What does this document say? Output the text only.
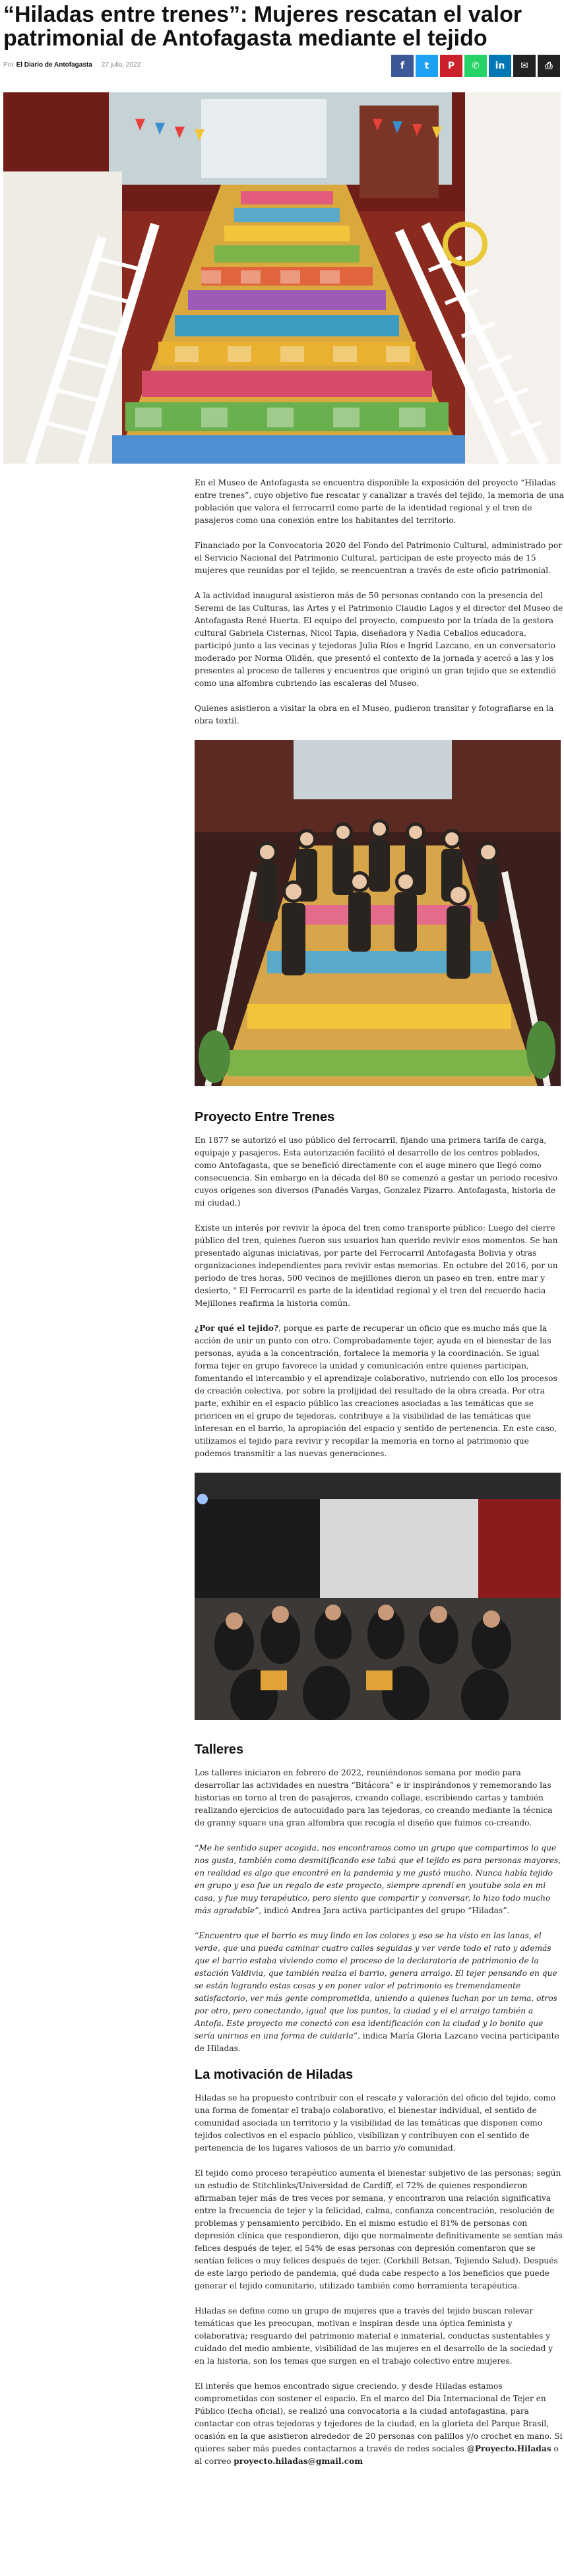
“Hiladas entre trenes”: Mujeres rescatan el valor patrimonial de Antofagasta mediante el tejido
Por El Diario de Antofagasta 27 julio, 2022	f	t	P	✆	in	✉	⎙

En el Museo de Antofagasta se encuentra disponible la exposición del proyecto “Hiladas entre trenes”, cuyo objetivo fue rescatar y canalizar a través del tejido, la memoria de una población que valora el ferrocarril como parte de la identidad regional y el tren de pasajeros como una conexión entre los habitantes del territorio.

Financiado por la Convocatoria 2020 del Fondo del Patrimonio Cultural, administrado por el Servicio Nacional del Patrimonio Cultural, participan de este proyecto más de 15 mujeres que reunidas por el tejido, se reencuentran a través de este oficio patrimonial.

A la actividad inaugural asistieron más de 50 personas contando con la presencia del Seremi de las Culturas, las Artes y el Patrimonio Claudio Lagos y el director del Museo de Antofagasta René Huerta. El equipo del proyecto, compuesto por la tríada de la gestora cultural Gabriela Cisternas, Nicol Tapia, diseñadora y Nadia Ceballos educadora, participó junto a las vecinas y tejedoras Julia Ríos e Ingrid Lazcano, en un conversatorio moderado por Norma Olidén, que presentó el contexto de la jornada y acercó a las y los presentes al proceso de talleres y encuentros que originó un gran tejido que se extendió como una alfombra cubriendo las escaleras del Museo.

Quienes asistieron a visitar la obra en el Museo, pudieron transitar y fotografiarse en la obra textil.

Proyecto Entre Trenes

En 1877 se autorizó el uso público del ferrocarril, fijando una primera tarifa de carga, equipaje y pasajeros. Esta autorización facilitó el desarrollo de los centros poblados, como Antofagasta, que se benefició directamente con el auge minero que llegó como consecuencia. Sin embargo en la década del 80 se comenzó a gestar un periodo recesivo cuyos orígenes son diversos (Panadés Vargas, Gonzalez Pizarro. Antofagasta, historia de mi ciudad.)

Existe un interés por revivir la época del tren como transporte público: Luego del cierre público del tren, quienes fueron sus usuarios han querido revivir esos momentos. Se han presentado algunas iniciativas, por parte del Ferrocarril Antofagasta Bolivia y otras organizaciones independientes para revivir estas memorias. En octubre del 2016, por un periodo de tres horas, 500 vecinos de mejillones dieron un paseo en tren, entre mar y desierto, " El Ferrocarril es parte de la identidad regional y el tren del recuerdo hacia Mejillones reafirma la historia común.

¿Por qué el tejido?, porque es parte de recuperar un oficio que es mucho más que la acción de unir un punto con otro. Comprobadamente tejer, ayuda en el bienestar de las personas, ayuda a la concentración, fortalece la memoria y la coordinación. Se igual forma tejer en grupo favorece la unidad y comunicación entre quienes participan, fomentando el intercambio y el aprendizaje colaborativo, nutriendo con ello los procesos de creación colectiva, por sobre la prolijidad del resultado de la obra creada. Por otra parte, exhibir en el espacio público las creaciones asociadas a las temáticas que se prioricen en el grupo de tejedoras, contribuye a la visibilidad de las temáticas que interesan en el barrio, la apropiación del espacio y sentido de pertenencia. En este caso, utilizamos el tejido para revivir y recopilar la memoria en torno al patrimonio que podemos transmitir a las nuevas generaciones.

Talleres

Los talleres iniciaron en febrero de 2022, reuniéndonos semana por medio para desarrollar las actividades en nuestra “Bitácora” e ir inspirándonos y rememorando las historias en torno al tren de pasajeros, creando collage, escribiendo cartas y también realizando ejercicios de autocuidado para las tejedoras, co creando mediante la técnica de granny square una gran alfombra que recogía el diseño que fuimos co-creando.

“Me he sentido super acogida, nos encontramos como un grupo que compartimos lo que nos gusta, también como desmitificando ese tabú que el tejido es para personas mayores, en realidad es algo que encontré en la pandemia y me gustó mucho. Nunca había tejido en grupo y eso fue un regalo de este proyecto, siempre aprendí en youtube sola en mi casa, y fue muy terapéutico, pero siento que compartir y conversar, lo hizo todo mucho más agradable”, indicó Andrea Jara activa participantes del grupo “Hiladas”.

“Encuentro que el barrio es muy lindo en los colores y eso se ha visto en las lanas, el verde, que una pueda caminar cuatro calles seguidas y ver verde todo el rato y además que el barrio estaba viviendo como el proceso de la declaratoria de patrimonio de la estación Valdivia, que también realza el barrio, genera arraigo. El tejer pensando en que se están logrando estas cosas y en poner valor el patrimonio es tremendamente satisfactorio, ver más gente comprometida, uniendo a quienes luchan por un tema, otros por otro, pero conectando, igual que los puntos, la ciudad y el el arraigo también a Antofa. Este proyecto me conectó con esa identificación con la ciudad y lo bonito que sería unirnos en una forma de cuidarla”, indica María Gloria Lazcano vecina participante de Hiladas.

La motivación de Hiladas

Hiladas se ha propuesto contribuir con el rescate y valoración del oficio del tejido, como una forma de fomentar el trabajo colaborativo, el bienestar individual, el sentido de comunidad asociada un territorio y la visibilidad de las temáticas que disponen como tejidos colectivos en el espacio público, visibilizan y contribuyen con el sentido de pertenencia de los lugares valiosos de un barrio y/o comunidad.

El tejido como proceso terapéutico aumenta el bienestar subjetivo de las personas; según un estudio de Stitchlinks/Universidad de Cardiff, el 72% de quienes respondieron afirmaban tejer más de tres veces por semana, y encontraron una relación significativa entre la frecuencia de tejer y la felicidad, calma, confianza concentración, resolución de problemas y pensamiento percibido. En el mismo estudio el 81% de personas con depresión clínica que respondieron, dijo que normalmente definitivamente se sentían más felices después de tejer, el 54% de esas personas con depresión comentaron que se sentían felices o muy felices después de tejer. (Corkhill Betsan, Tejiendo Salud). Después de este largo periodo de pandemia, qué duda cabe respecto a los beneficios que puede generar el tejido comunitario, utilizado también como herramienta terapéutica.

Hiladas se define como un grupo de mujeres que a través del tejido buscan relevar temáticas que les preocupan, motivan e inspiran desde una óptica feminista y colaborativa; resguardo del patrimonio material e inmaterial, conductas sustentables y cuidado del medio ambiente, visibilidad de las mujeres en el desarrollo de la sociedad y en la historia, son los temas que surgen en el trabajo colectivo entre mujeres.

El interés que hemos encontrado sigue creciendo, y desde Hiladas estamos comprometidas con sostener el espacio. En el marco del Día Internacional de Tejer en Público (fecha oficial), se realizó una convocatoria a la ciudad antofagastina, para contactar con otras tejedoras y tejedores de la ciudad, en la glorieta del Parque Brasil, ocasión en la que asistieron alrededor de 20 personas con palillos y/o crochet en mano. Si quieres saber más puedes contactarnos a través de redes sociales @Proyecto.Hiladas o al correo proyecto.hiladas@gmail.com
